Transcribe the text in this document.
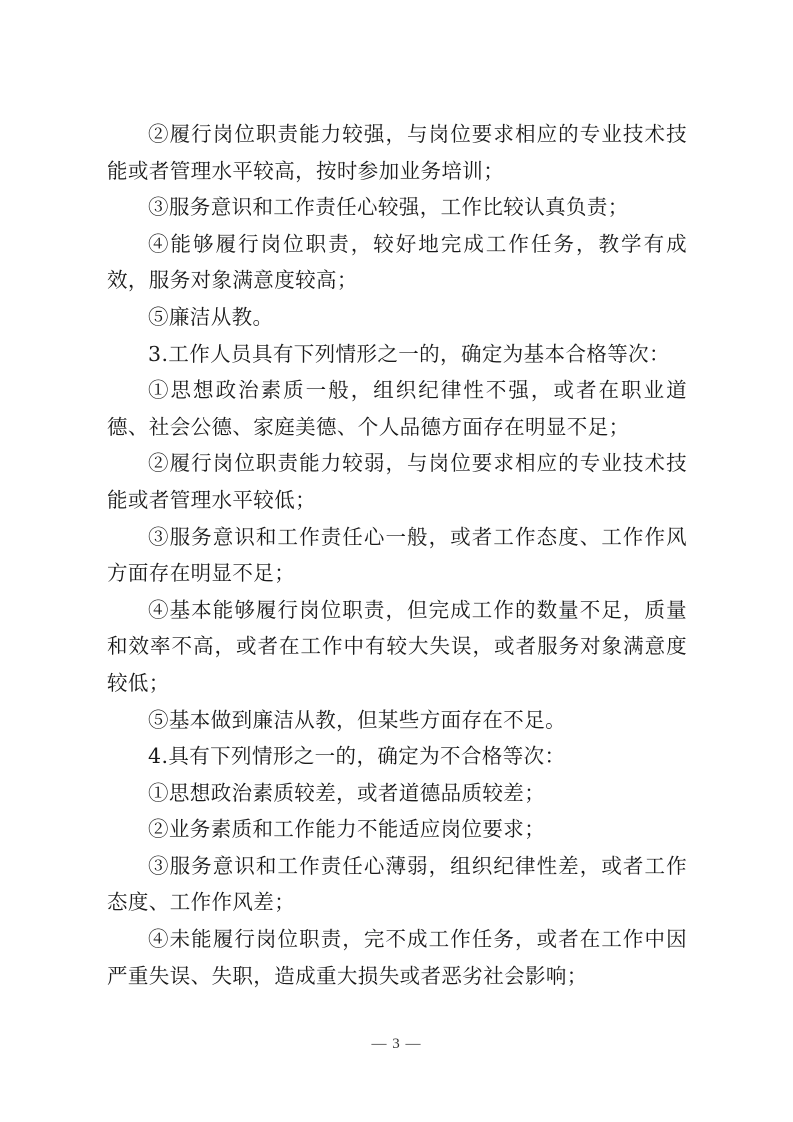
②履行岗位职责能力较强，与岗位要求相应的专业技术技能或者管理水平较高，按时参加业务培训；

③服务意识和工作责任心较强，工作比较认真负责；

④能够履行岗位职责，较好地完成工作任务，教学有成效，服务对象满意度较高；

⑤廉洁从教。

3.工作人员具有下列情形之一的，确定为基本合格等次：

①思想政治素质一般，组织纪律性不强，或者在职业道德、社会公德、家庭美德、个人品德方面存在明显不足；

②履行岗位职责能力较弱，与岗位要求相应的专业技术技能或者管理水平较低；

③服务意识和工作责任心一般，或者工作态度、工作作风方面存在明显不足；

④基本能够履行岗位职责，但完成工作的数量不足，质量和效率不高，或者在工作中有较大失误，或者服务对象满意度较低；

⑤基本做到廉洁从教，但某些方面存在不足。

4.具有下列情形之一的，确定为不合格等次：

①思想政治素质较差，或者道德品质较差；

②业务素质和工作能力不能适应岗位要求；

③服务意识和工作责任心薄弱，组织纪律性差，或者工作态度、工作作风差；

④未能履行岗位职责，完不成工作任务，或者在工作中因严重失误、失职，造成重大损失或者恶劣社会影响；

— 3 —
